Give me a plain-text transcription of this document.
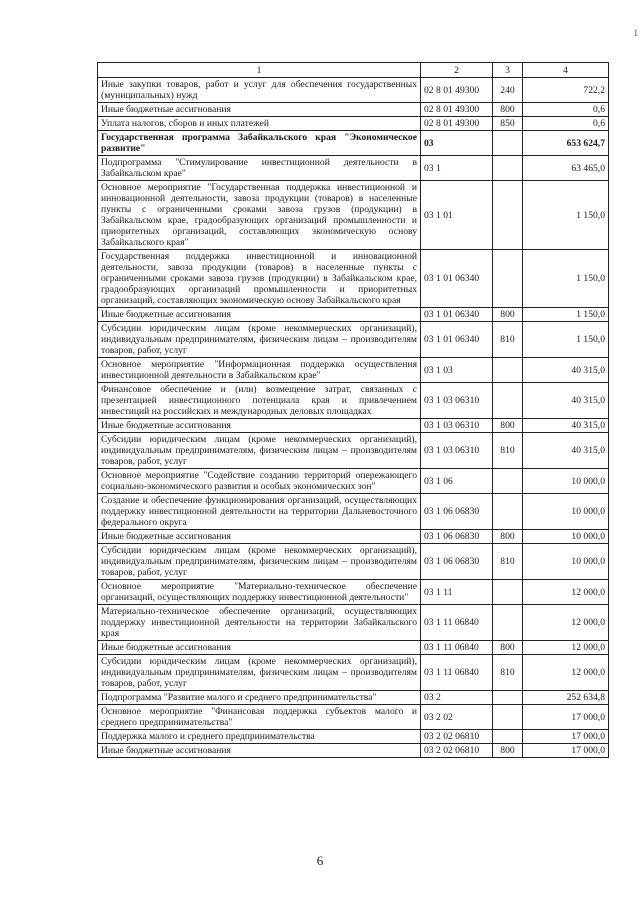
1
1	2	3	4
Иные закупки товаров, работ и услуг для обеспечения государственных (муниципальных) нужд	02 8 01 49300	240	722,2
Иные бюджетные ассигнования	02 8 01 49300	800	0,6
Уплата налогов, сборов и иных платежей	02 8 01 49300	850	0,6
Государственная программа Забайкальского края "Экономическое развитие"	03		653 624,7
Подпрограмма "Стимулирование инвестиционной деятельности в Забайкальском крае"	03 1		63 465,0
Основное мероприятие "Государственная поддержка инвестиционной и инновационной деятельности, завоза продукции (товаров) в населенные пункты с ограниченными сроками завоза грузов (продукции) в Забайкальском крае, градообразующих организаций промышленности и приоритетных организаций, составляющих экономическую основу Забайкальского края"	03 1 01		1 150,0
Государственная поддержка инвестиционной и инновационной деятельности, завоза продукции (товаров) в населенные пункты с ограниченными сроками завоза грузов (продукции) в Забайкальском крае, градообразующих организаций промышленности и приоритетных организаций, составляющих экономическую основу Забайкальского края	03 1 01 06340		1 150,0
Иные бюджетные ассигнования	03 1 01 06340	800	1 150,0
Субсидии юридическим лицам (кроме некоммерческих организаций), индивидуальным предпринимателям, физическим лицам – производителям товаров, работ, услуг	03 1 01 06340	810	1 150,0
Основное мероприятие "Информационная поддержка осуществления инвестиционной деятельности в Забайкальском крае"	03 1 03		40 315,0
Финансовое обеспечение и (или) возмещение затрат, связанных с презентацией инвестиционного потенциала края и привлечением инвестиций на российских и международных деловых площадках	03 1 03 06310		40 315,0
Иные бюджетные ассигнования	03 1 03 06310	800	40 315,0
Субсидии юридическим лицам (кроме некоммерческих организаций), индивидуальным предпринимателям, физическим лицам – производителям товаров, работ, услуг	03 1 03 06310	810	40 315,0
Основное мероприятие "Содействие созданию территорий опережающего социально-экономического развития и особых экономических зон"	03 1 06		10 000,0
Создание и обеспечение функционирования организаций, осуществляющих поддержку инвестиционной деятельности на территории Дальневосточного федерального округа	03 1 06 06830		10 000,0
Иные бюджетные ассигнования	03 1 06 06830	800	10 000,0
Субсидии юридическим лицам (кроме некоммерческих организаций), индивидуальным предпринимателям, физическим лицам – производителям товаров, работ, услуг	03 1 06 06830	810	10 000,0
Основное мероприятие "Материально-техническое обеспечение организаций, осуществляющих поддержку инвестиционной деятельности"	03 1 11		12 000,0
Материально-техническое обеспечение организаций, осуществляющих поддержку инвестиционной деятельности на территории Забайкальского края	03 1 11 06840		12 000,0
Иные бюджетные ассигнования	03 1 11 06840	800	12 000,0
Субсидии юридическим лицам (кроме некоммерческих организаций), индивидуальным предпринимателям, физическим лицам – производителям товаров, работ, услуг	03 1 11 06840	810	12 000,0
Подпрограмма "Развитие малого и среднего предпринимательства"	03 2		252 634,8
Основное мероприятие "Финансовая поддержка субъектов малого и среднего предпринимательства"	03 2 02		17 000,0
Поддержка малого и среднего предпринимательства	03 2 02 06810		17 000,0
Иные бюджетные ассигнования	03 2 02 06810	800	17 000,0
6
